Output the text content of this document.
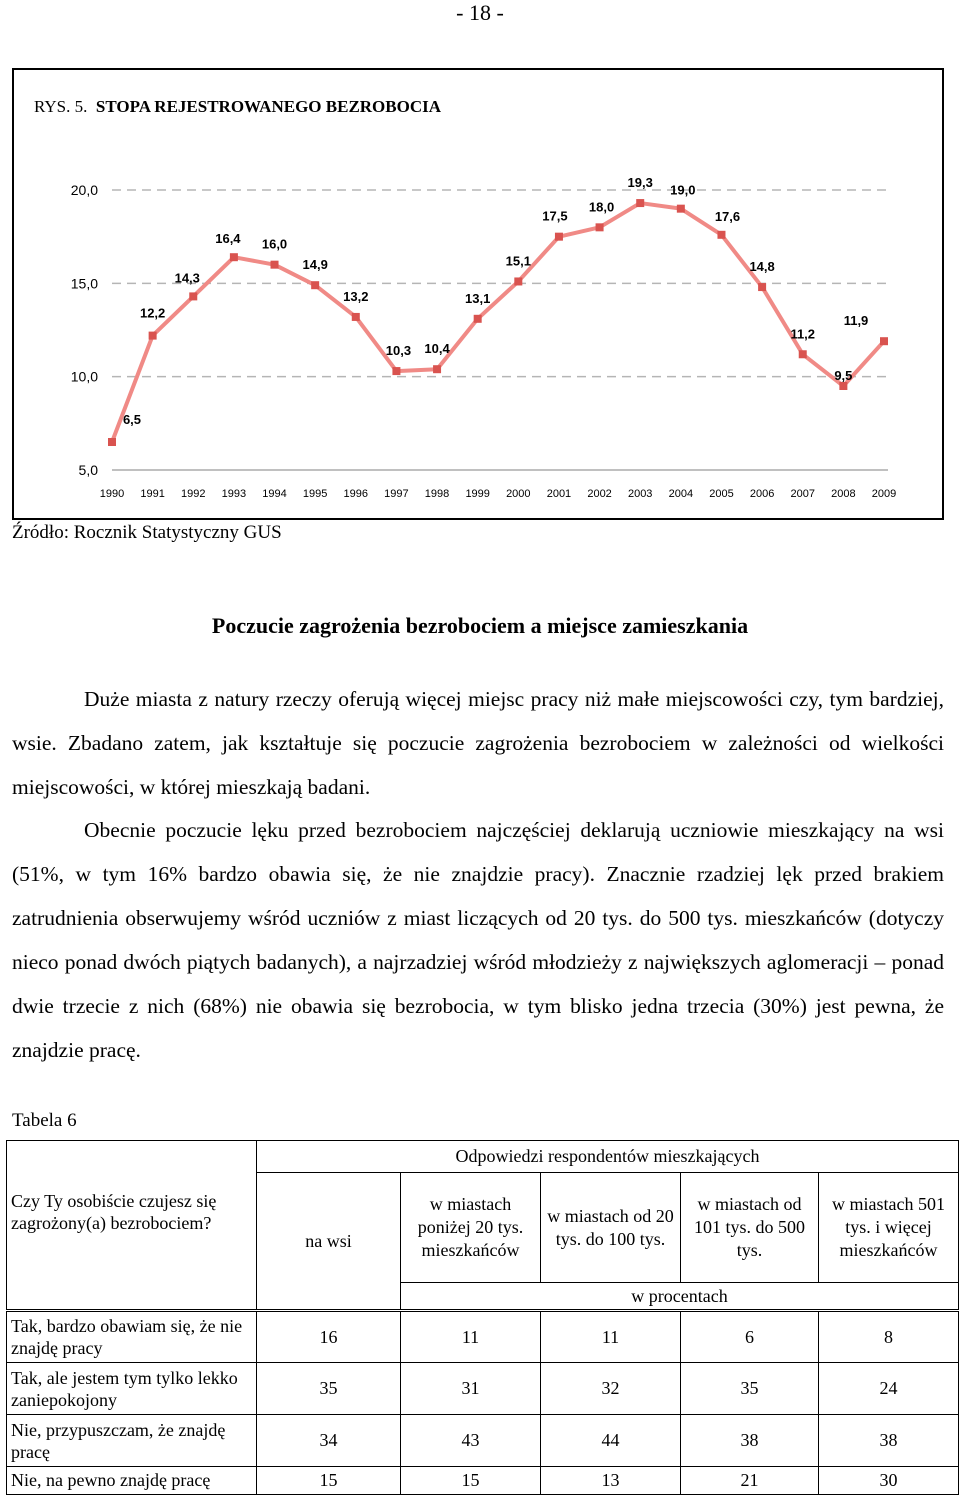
- 18 -
5,0
10,0
15,0
20,0
1990 1991 1992 1993 1994 1995 1996 1997 1998 1999 2000 2001 2002 2003 2004 2005 2006 2007 2008 2009
6,5
12,2
14,3
16,4 16,0
14,9
13,2
10,3 10,4
13,1
15,1
17,5
18,0
19,3
19,0
17,6
14,8
11,2
9,5
11,9
RYS. 5. STOPA REJESTROWANEGO BEZROBOCIA
Źródło: Rocznik Statystyczny GUS
Poczucie zagrożenia bezrobociem a miejsce zamieszkania

Duże miasta z natury rzeczy oferują więcej miejsc pracy niż małe miejscowości czy, tym bardziej, wsie. Zbadano zatem, jak kształtuje się poczucie zagrożenia bezrobociem w zależności od wielkości miejscowości, w której mieszkają badani.

Obecnie poczucie lęku przed bezrobociem najczęściej deklarują uczniowie mieszkający na wsi (51%, w tym 16% bardzo obawia się, że nie znajdzie pracy). Znacznie rzadziej lęk przed brakiem zatrudnienia obserwujemy wśród uczniów z miast liczących od 20 tys. do 500 tys. mieszkańców (dotyczy nieco ponad dwóch piątych badanych), a najrzadziej wśród młodzieży z największych aglomeracji – ponad dwie trzecie z nich (68%) nie obawia się bezrobocia, w tym blisko jedna trzecia (30%) jest pewna, że znajdzie pracę.

Tabela 6
Czy Ty osobiście czujesz się zagrożony(a) bezrobociem?	Odpowiedzi respondentów mieszkających				
	na wsi	w miastach poniżej 20 tys. mieszkańców	w miastach od 20 tys. do 100 tys.	w miastach od 101 tys. do 500 tys.	w miastach 501 tys. i więcej mieszkańców
		w procentach			
Tak, bardzo obawiam się, że nie znajdę pracy	16	11	11	6	8
Tak, ale jestem tym tylko lekko zaniepokojony	35	31	32	35	24
Nie, przypuszczam, że znajdę pracę	34	43	44	38	38
Nie, na pewno znajdę pracę	15	15	13	21	30
